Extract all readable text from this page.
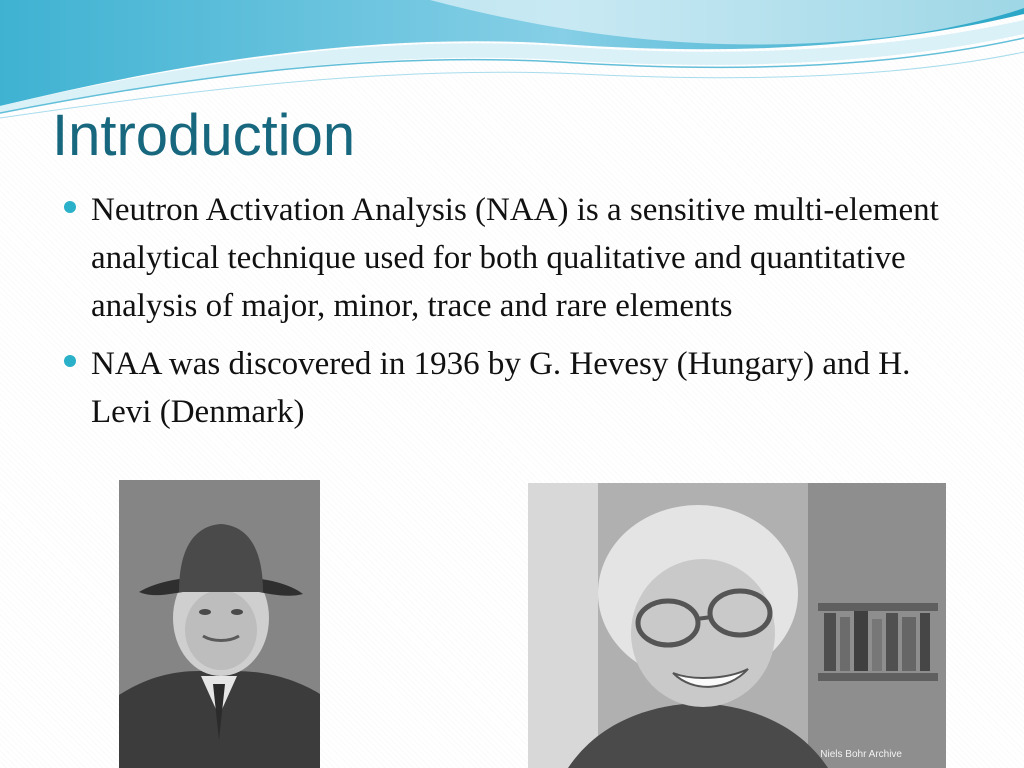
Introduction
Neutron Activation Analysis (NAA) is a sensitive multi-element analytical technique used for both qualitative and quantitative analysis of major, minor, trace and rare elements
NAA was discovered in 1936 by G. Hevesy (Hungary) and H. Levi (Denmark)
Niels Bohr Archive
